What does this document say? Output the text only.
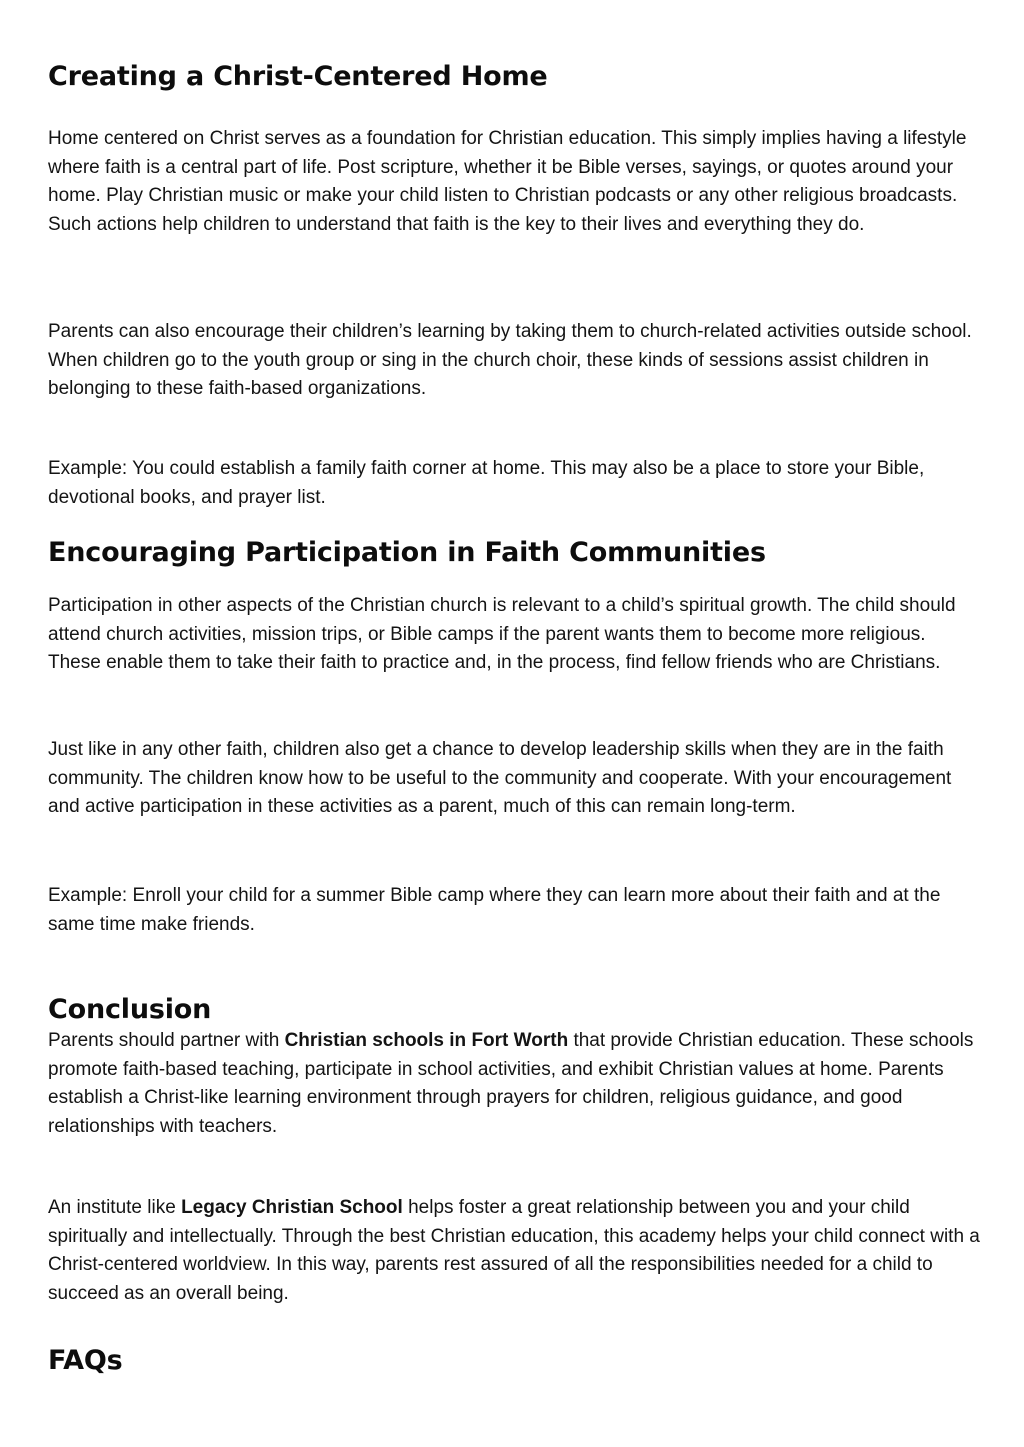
Creating a Christ-Centered Home

Home centered on Christ serves as a foundation for Christian education. This simply implies having a lifestyle where faith is a central part of life. Post scripture, whether it be Bible verses, sayings, or quotes around your home. Play Christian music or make your child listen to Christian podcasts or any other religious broadcasts. Such actions help children to understand that faith is the key to their lives and everything they do.

Parents can also encourage their children’s learning by taking them to church-related activities outside school. When children go to the youth group or sing in the church choir, these kinds of sessions assist children in belonging to these faith-based organizations.

Example: You could establish a family faith corner at home. This may also be a place to store your Bible, devotional books, and prayer list.

Encouraging Participation in Faith Communities

Participation in other aspects of the Christian church is relevant to a child’s spiritual growth. The child should attend church activities, mission trips, or Bible camps if the parent wants them to become more religious. These enable them to take their faith to practice and, in the process, find fellow friends who are Christians.

Just like in any other faith, children also get a chance to develop leadership skills when they are in the faith community. The children know how to be useful to the community and cooperate. With your encouragement and active participation in these activities as a parent, much of this can remain long-term.

Example: Enroll your child for a summer Bible camp where they can learn more about their faith and at the same time make friends.

Conclusion

Parents should partner with Christian schools in Fort Worth that provide Christian education. These schools promote faith-based teaching, participate in school activities, and exhibit Christian values at home. Parents establish a Christ-like learning environment through prayers for children, religious guidance, and good relationships with teachers.

An institute like Legacy Christian School helps foster a great relationship between you and your child spiritually and intellectually. Through the best Christian education, this academy helps your child connect with a Christ-centered worldview. In this way, parents rest assured of all the responsibilities needed for a child to succeed as an overall being.

FAQs
